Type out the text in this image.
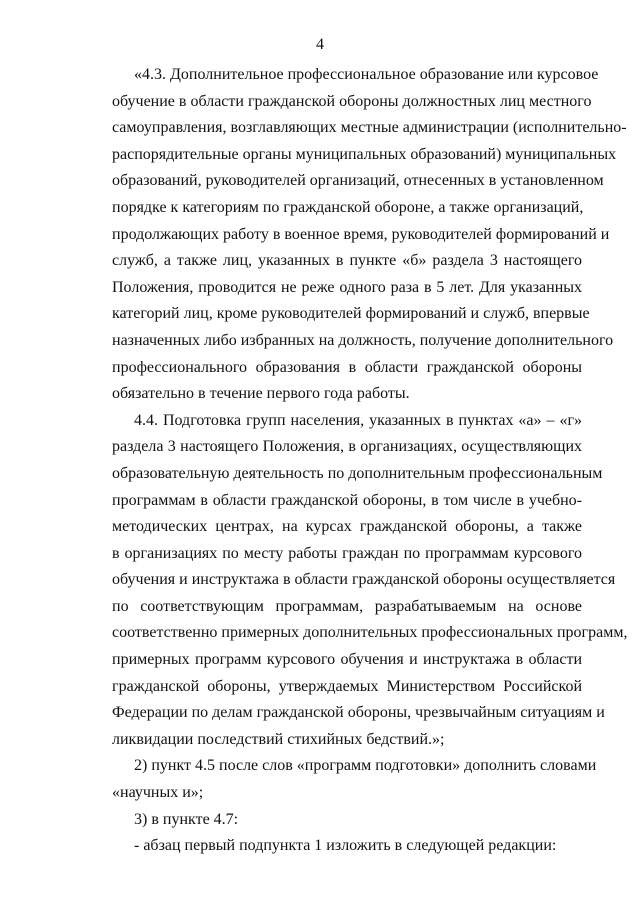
4
«4.3. Дополнительное профессиональное образование или курсовое
обучение в области гражданской обороны должностных лиц местного
самоуправления, возглавляющих местные администрации (исполнительно-
распорядительные органы муниципальных образований) муниципальных
образований, руководителей организаций, отнесенных в установленном
порядке к категориям по гражданской обороне, а также организаций,
продолжающих работу в военное время, руководителей формирований и
служб, а также лиц, указанных в пункте «б» раздела 3 настоящего
Положения, проводится не реже одного раза в 5 лет. Для указанных
категорий лиц, кроме руководителей формирований и служб, впервые
назначенных либо избранных на должность, получение дополнительного
профессионального образования в области гражданской обороны
обязательно в течение первого года работы.
4.4. Подготовка групп населения, указанных в пунктах «а» – «г»
раздела 3 настоящего Положения, в организациях, осуществляющих
образовательную деятельность по дополнительным профессиональным
программам в области гражданской обороны, в том числе в учебно-
методических центрах, на курсах гражданской обороны, а также
в организациях по месту работы граждан по программам курсового
обучения и инструктажа в области гражданской обороны осуществляется
по соответствующим программам, разрабатываемым на основе
соответственно примерных дополнительных профессиональных программ,
примерных программ курсового обучения и инструктажа в области
гражданской обороны, утверждаемых Министерством Российской
Федерации по делам гражданской обороны, чрезвычайным ситуациям и
ликвидации последствий стихийных бедствий.»;
2) пункт 4.5 после слов «программ подготовки» дополнить словами
«научных и»;
3) в пункте 4.7:
- абзац первый подпункта 1 изложить в следующей редакции:
